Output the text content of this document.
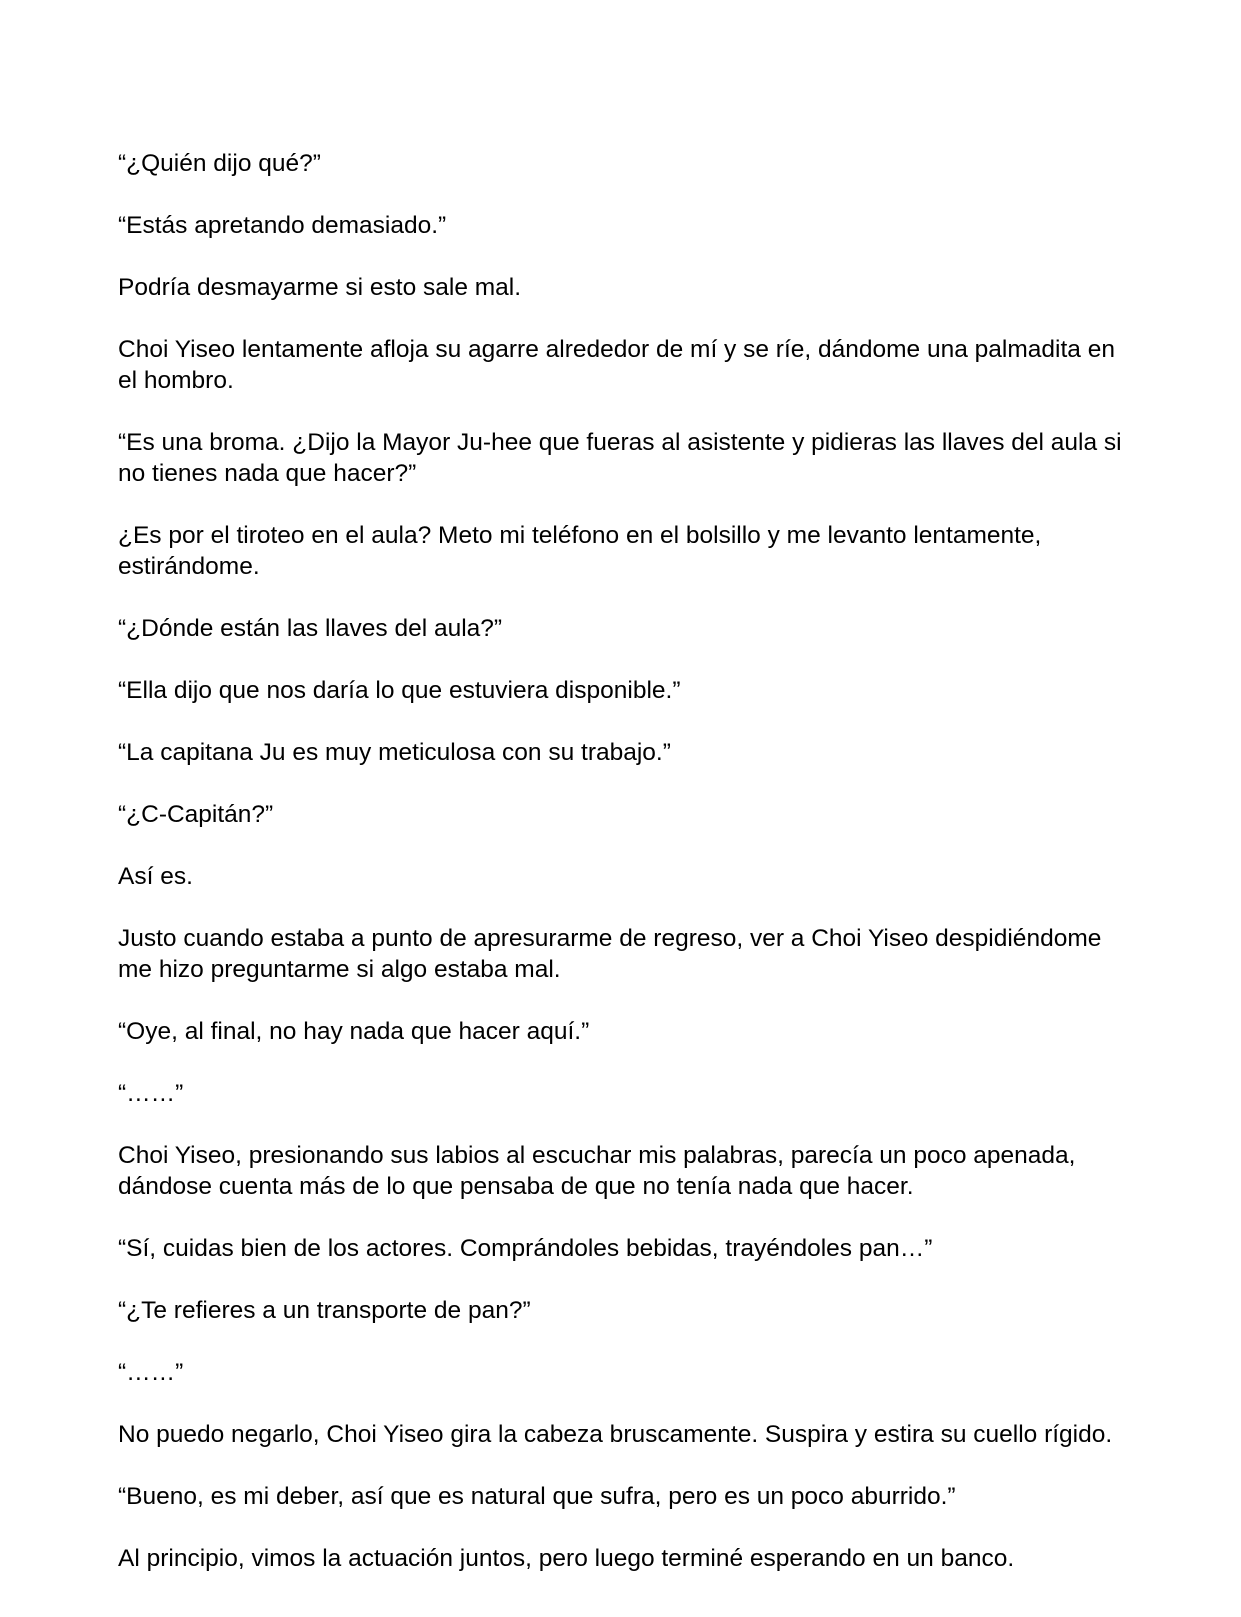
“¿Quién dijo qué?”

“Estás apretando demasiado.”

Podría desmayarme si esto sale mal.

Choi Yiseo lentamente afloja su agarre alrededor de mí y se ríe, dándome una palmadita en el hombro.

“Es una broma. ¿Dijo la Mayor Ju-hee que fueras al asistente y pidieras las llaves del aula si no tienes nada que hacer?”

¿Es por el tiroteo en el aula? Meto mi teléfono en el bolsillo y me levanto lentamente, estirándome.

“¿Dónde están las llaves del aula?”

“Ella dijo que nos daría lo que estuviera disponible.”

“La capitana Ju es muy meticulosa con su trabajo.”

“¿C-Capitán?”

Así es.

Justo cuando estaba a punto de apresurarme de regreso, ver a Choi Yiseo despidiéndome me hizo preguntarme si algo estaba mal.

“Oye, al final, no hay nada que hacer aquí.”

“……”

Choi Yiseo, presionando sus labios al escuchar mis palabras, parecía un poco apenada, dándose cuenta más de lo que pensaba de que no tenía nada que hacer.

“Sí, cuidas bien de los actores. Comprándoles bebidas, trayéndoles pan…”

“¿Te refieres a un transporte de pan?”

“……”

No puedo negarlo, Choi Yiseo gira la cabeza bruscamente. Suspira y estira su cuello rígido.

“Bueno, es mi deber, así que es natural que sufra, pero es un poco aburrido.”

Al principio, vimos la actuación juntos, pero luego terminé esperando en un banco.
